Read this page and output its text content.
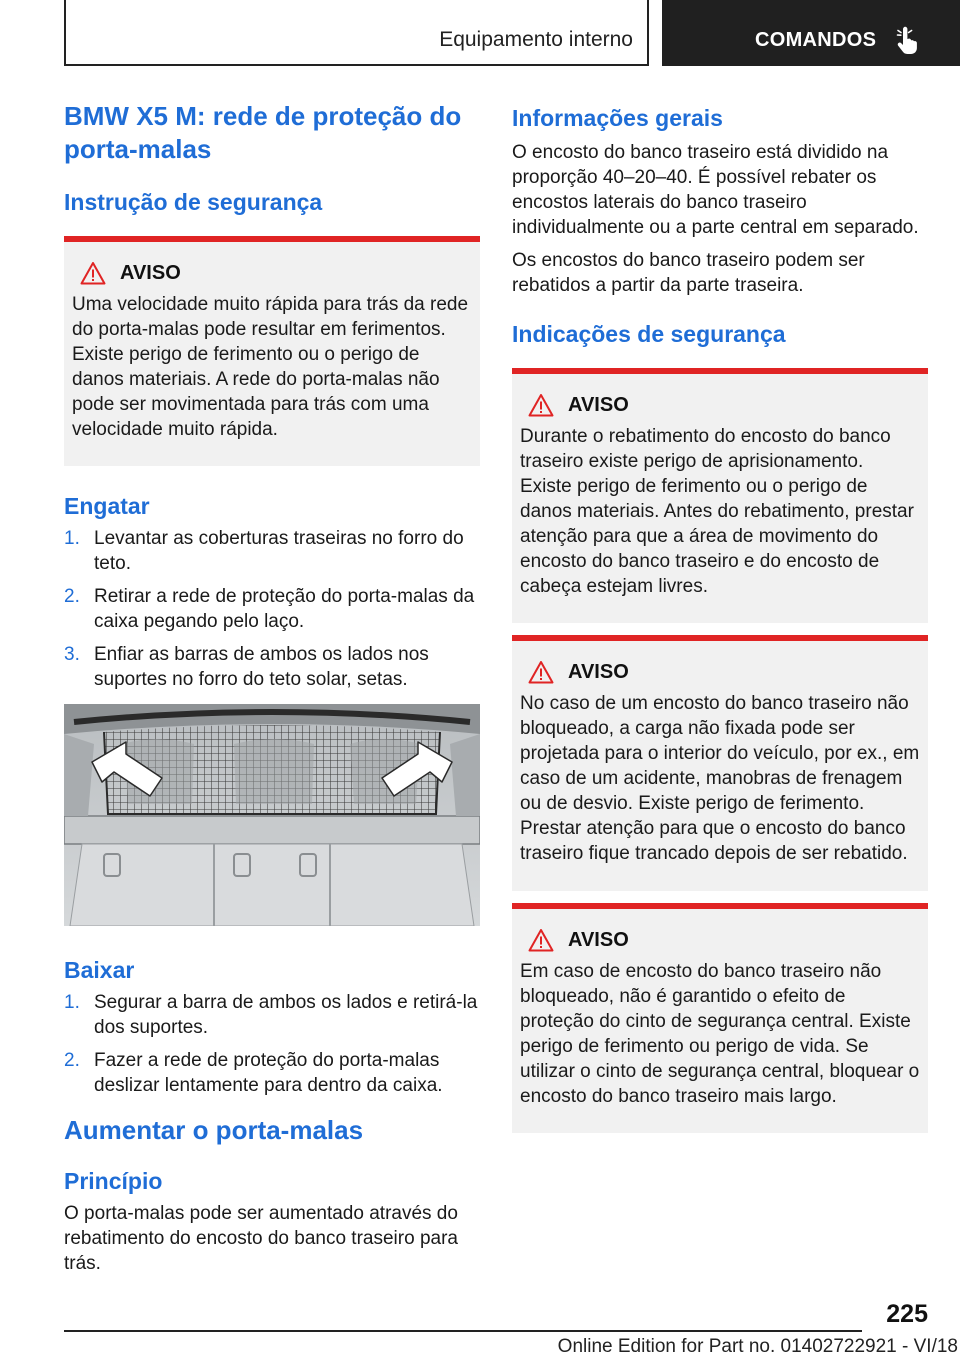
Equipamento interno	COMANDOS
BMW X5 M: rede de proteção do porta-malas
Instrução de segurança
AVISO
Uma velocidade muito rápida para trás da rede do porta-malas pode resultar em ferimentos. Existe perigo de ferimento ou o perigo de danos materiais. A rede do porta-malas não pode ser movimentada para trás com uma velocidade muito rápida.
Engatar
1. Levantar as coberturas traseiras no forro do teto.
2. Retirar a rede de proteção do porta-malas da caixa pegando pelo laço.
3. Enfiar as barras de ambos os lados nos suportes no forro do teto solar, setas.
Baixar
1. Segurar a barra de ambos os lados e retirá-la dos suportes.
2. Fazer a rede de proteção do porta-malas deslizar lentamente para dentro da caixa.
Aumentar o porta-malas
Princípio
O porta-malas pode ser aumentado através do rebatimento do encosto do banco traseiro para trás.
Informações gerais
O encosto do banco traseiro está dividido na proporção 40–20–40. É possível rebater os encostos laterais do banco traseiro individualmente ou a parte central em separado.
Os encostos do banco traseiro podem ser rebatidos a partir da parte traseira.
Indicações de segurança
AVISO
Durante o rebatimento do encosto do banco traseiro existe perigo de aprisionamento. Existe perigo de ferimento ou o perigo de danos materiais. Antes do rebatimento, prestar atenção para que a área de movimento do encosto do banco traseiro e do encosto de cabeça estejam livres.
AVISO
No caso de um encosto do banco traseiro não bloqueado, a carga não fixada pode ser projetada para o interior do veículo, por ex., em caso de um acidente, manobras de frenagem ou de desvio. Existe perigo de ferimento. Prestar atenção para que o encosto do banco traseiro fique trancado depois de ser rebatido.
AVISO
Em caso de encosto do banco traseiro não bloqueado, não é garantido o efeito de proteção do cinto de segurança central. Existe perigo de ferimento ou perigo de vida. Se utilizar o cinto de segurança central, bloquear o encosto do banco traseiro mais largo.
225
Online Edition for Part no. 01402722921 - VI/18
